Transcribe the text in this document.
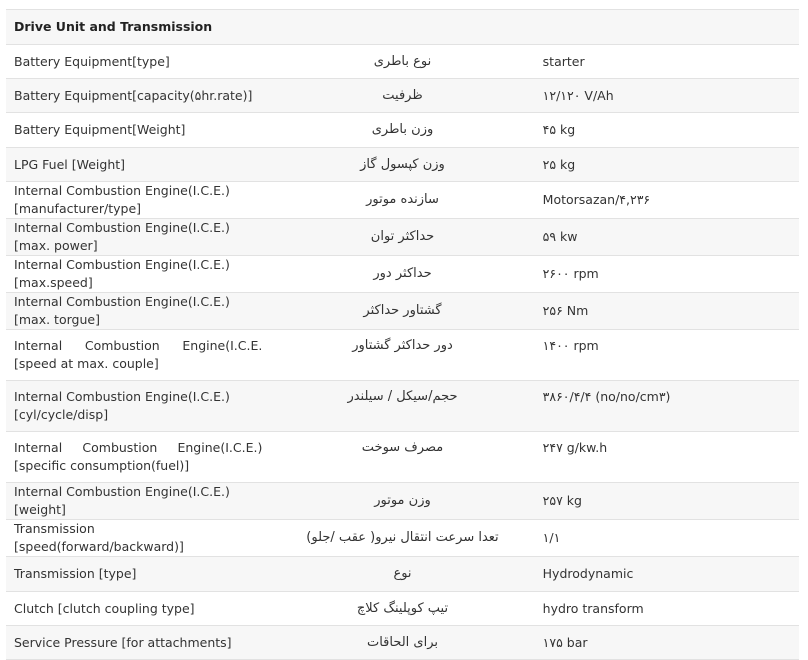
Drive Unit and Transmission		
Battery Equipment[type]	نوع باطری	starter
Battery Equipment[capacity(۵hr.rate)]	ظرفیت	۱۲/۱۲۰ V/Ah
Battery Equipment[Weight]	وزن باطری	۴۵ kg
LPG Fuel [Weight]	وزن کپسول گاز	۲۵ kg
Internal Combustion Engine(I.C.E.)[manufacturer/type]	سازنده موتور	Motorsazan/۴,۲۳۶
Internal Combustion Engine(I.C.E.) [max. power]	حداکثر توان	۵۹ kw
Internal Combustion Engine(I.C.E.) [max.speed]	حداکثر دور	۲۶۰۰ rpm
Internal Combustion Engine(I.C.E.) [max. torgue]	گشتاور حداکثر	۲۵۶ Nm
Internal Combustion Engine(I.C.E.[speed at max. couple]	دور حداکثر گشتاور	۱۴۰۰ rpm
Internal Combustion Engine(I.C.E.)[cyl/cycle/disp]	حجم/سیکل / سیلندر	۳۸۶۰/۴/۴ (no/no/cm۳)
Internal Combustion Engine(I.C.E.)[specific consumption(fuel)]	مصرف سوخت	۲۴۷ g/kw.h
Internal Combustion Engine(I.C.E.)[weight]	وزن موتور	۲۵۷ kg
Transmission [speed(forward/backward)]	تعدا سرعت انتقال نیرو( عقب /جلو)	۱/۱
Transmission [type]	نوع	Hydrodynamic
Clutch [clutch coupling type]	تیپ کوپلینگ کلاچ	hydro transform
Service Pressure [for attachments]	برای الحاقات	۱۷۵ bar
